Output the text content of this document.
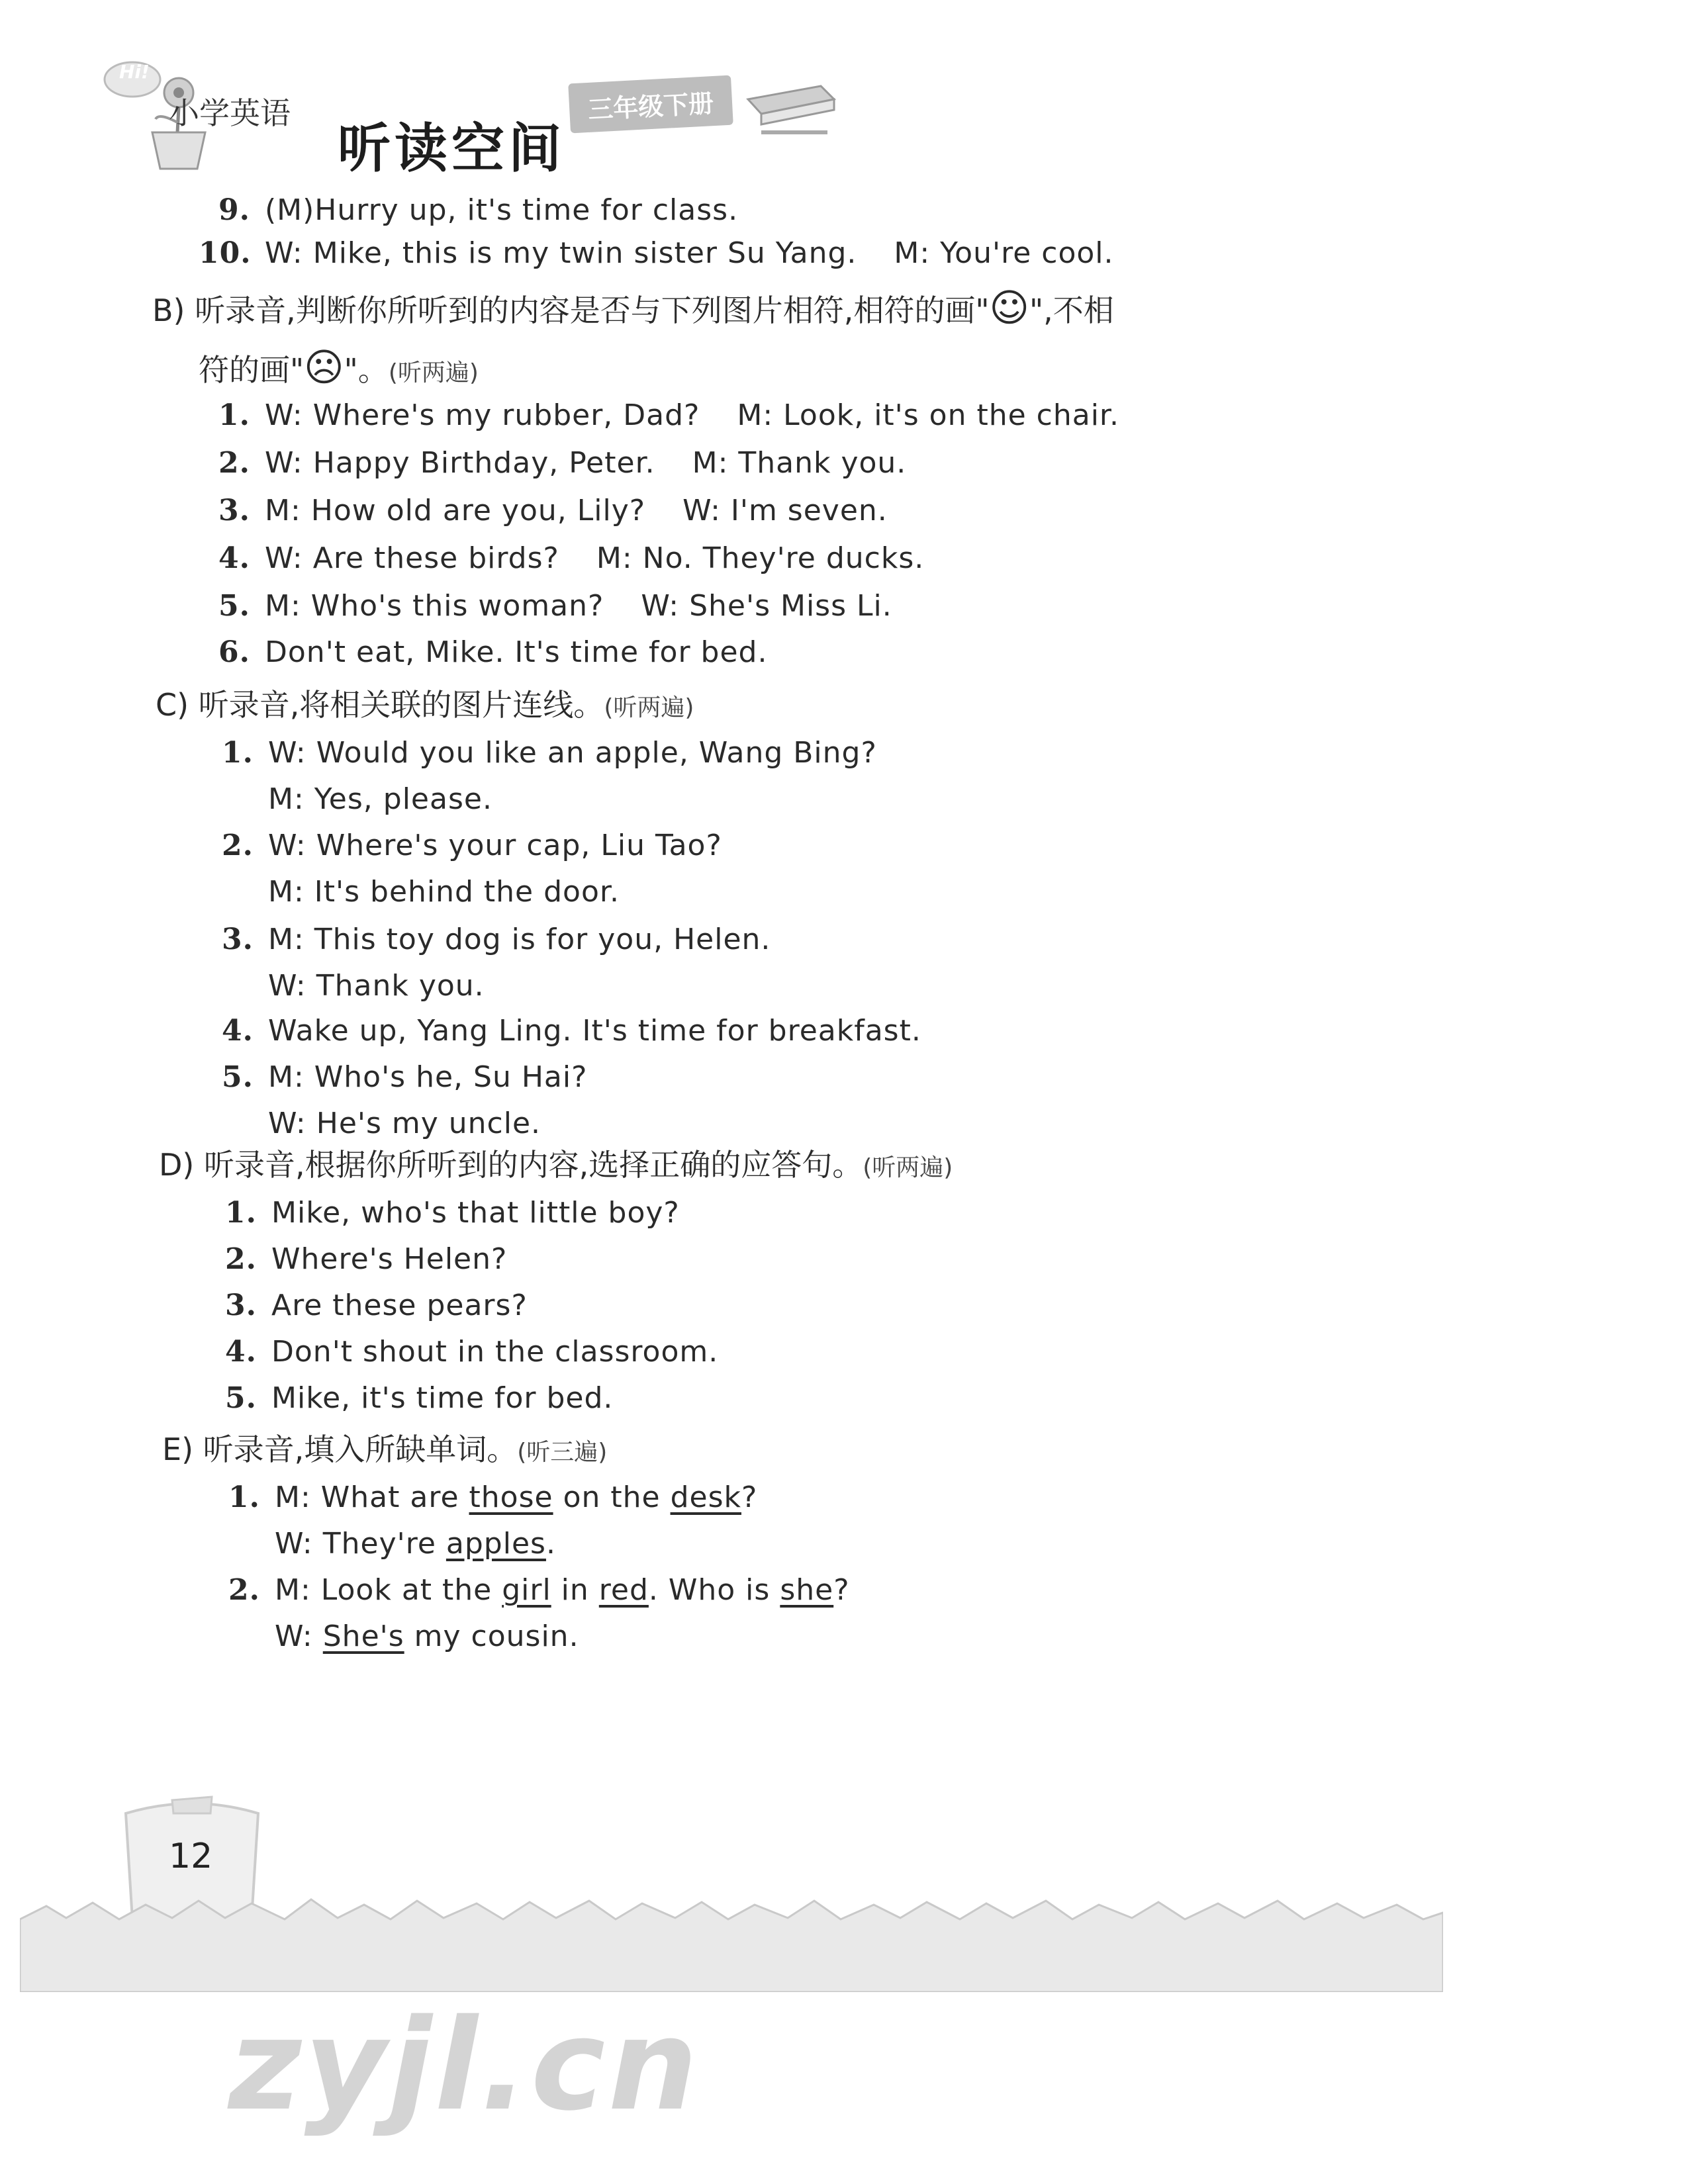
Hi!
小学英语
听读空间
三年级下册
9. (M)Hurry up, it's time for class.
10. W: Mike, this is my twin sister Su Yang. M: You're cool.
B) 听录音,判断你所听到的内容是否与下列图片相符,相符的画"☺",不相
符的画"☹"。(听两遍)
1. W: Where's my rubber, Dad? M: Look, it's on the chair.
2. W: Happy Birthday, Peter. M: Thank you.
3. M: How old are you, Lily? W: I'm seven.
4. W: Are these birds? M: No. They're ducks.
5. M: Who's this woman? W: She's Miss Li.
6. Don't eat, Mike. It's time for bed.
C) 听录音,将相关联的图片连线。(听两遍)
1. W: Would you like an apple, Wang Bing?
M: Yes, please.
2. W: Where's your cap, Liu Tao?
M: It's behind the door.
3. M: This toy dog is for you, Helen.
W: Thank you.
4. Wake up, Yang Ling. It's time for breakfast.
5. M: Who's he, Su Hai?
W: He's my uncle.
D) 听录音,根据你所听到的内容,选择正确的应答句。(听两遍)
1. Mike, who's that little boy?
2. Where's Helen?
3. Are these pears?
4. Don't shout in the classroom.
5. Mike, it's time for bed.
E) 听录音,填入所缺单词。(听三遍)
1. M: What are those on the desk?
W: They're apples.
2. M: Look at the girl in red. Who is she?
W: She's my cousin.
12
zyjl.cn
